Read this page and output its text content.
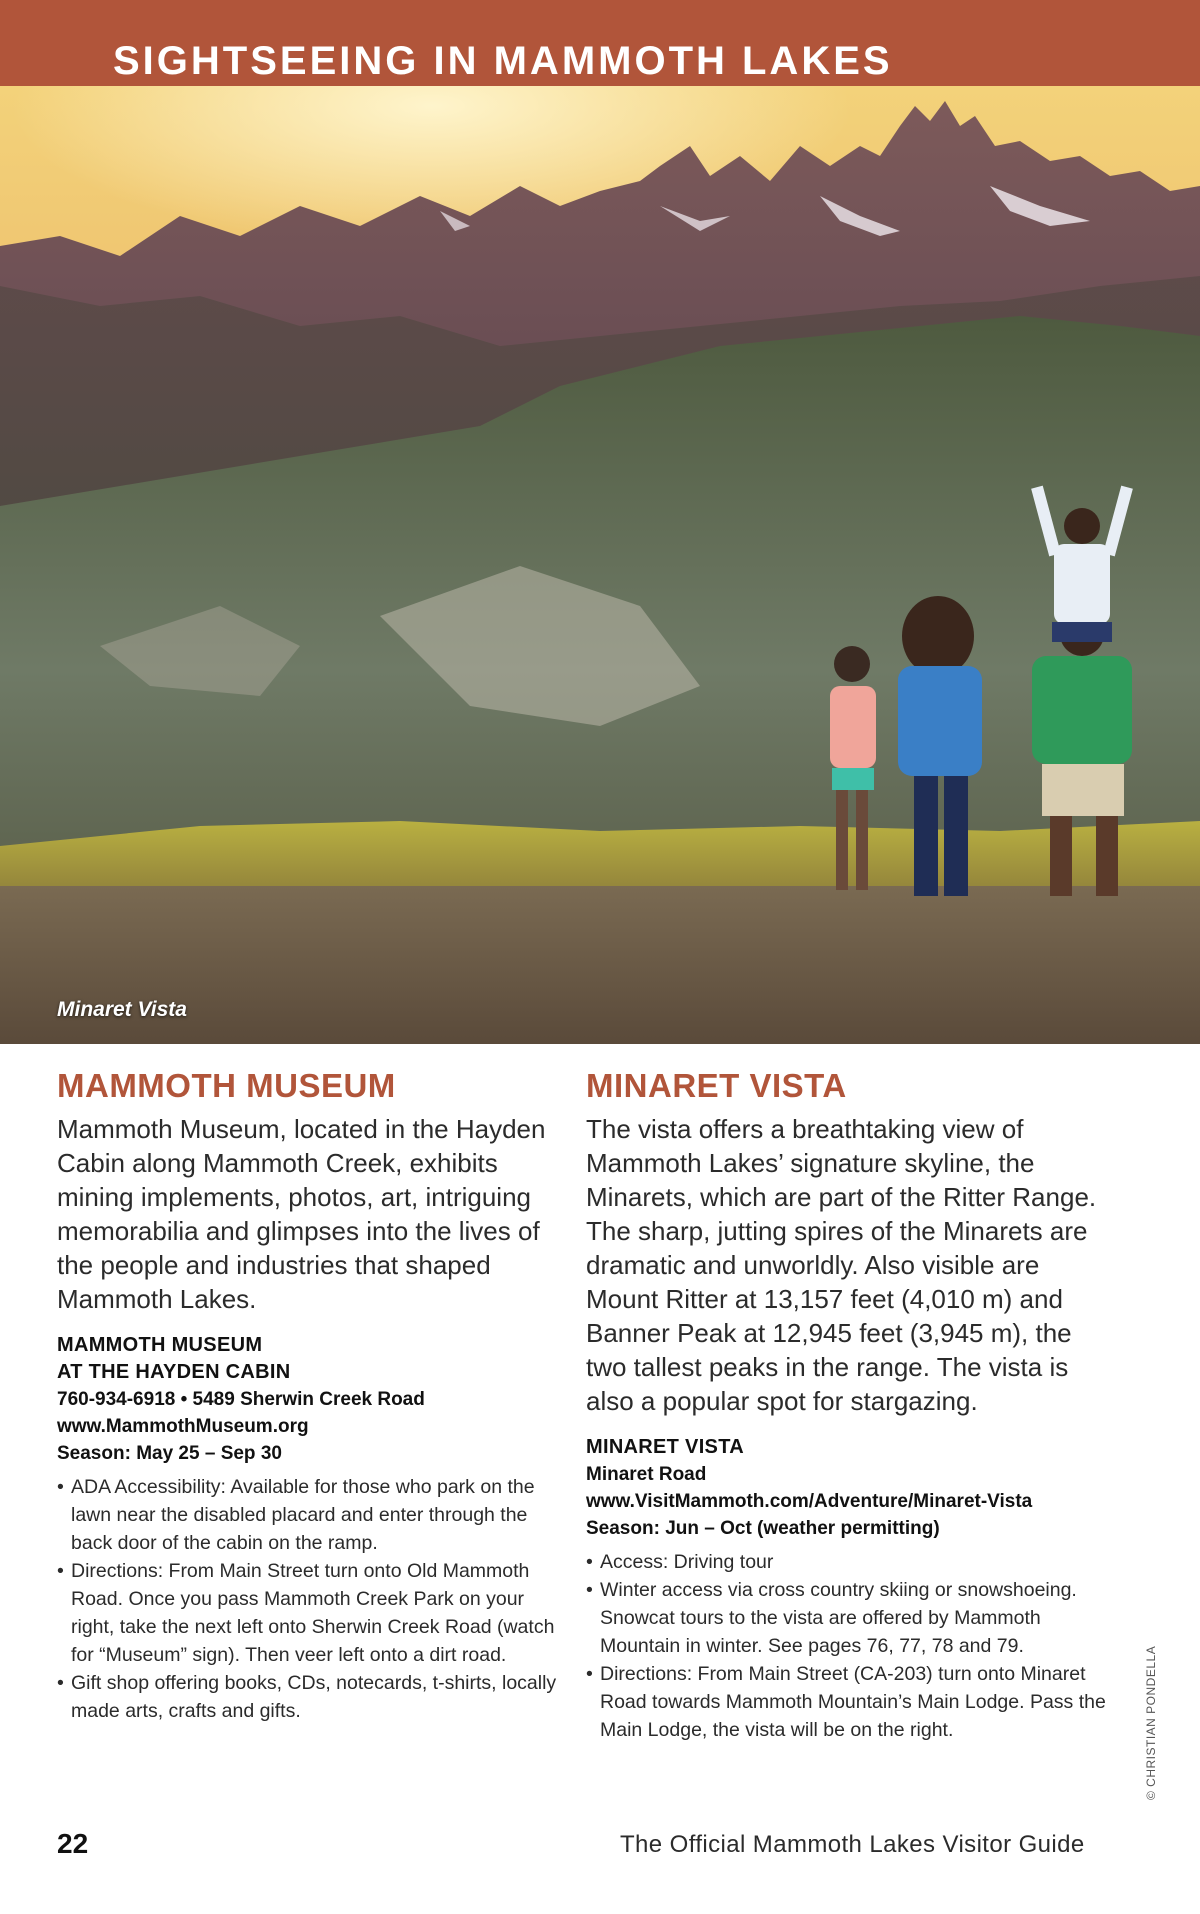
SIGHTSEEING IN MAMMOTH LAKES
Minaret Vista
MAMMOTH MUSEUM

Mammoth Museum, located in the Hayden Cabin along Mammoth Creek, exhibits mining implements, photos, art, intriguing memorabilia and glimpses into the lives of the people and industries that shaped Mammoth Lakes.

MAMMOTH MUSEUM
AT THE HAYDEN CABIN
760-934-6918 • 5489 Sherwin Creek Road
www.MammothMuseum.org
Season: May 25 – Sep 30
• ADA Accessibility: Available for those who park on the lawn near the disabled placard and enter through the back door of the cabin on the ramp.
• Directions: From Main Street turn onto Old Mammoth Road. Once you pass Mammoth Creek Park on your right, take the next left onto Sherwin Creek Road (watch for “Museum” sign). Then veer left onto a dirt road.
• Gift shop offering books, CDs, notecards, t-shirts, locally made arts, crafts and gifts.
MINARET VISTA

The vista offers a breathtaking view of Mammoth Lakes’ signature skyline, the Minarets, which are part of the Ritter Range. The sharp, jutting spires of the Minarets are dramatic and unworldly. Also visible are Mount Ritter at 13,157 feet (4,010 m) and Banner Peak at 12,945 feet (3,945 m), the two tallest peaks in the range. The vista is also a popular spot for stargazing.

MINARET VISTA
Minaret Road
www.VisitMammoth.com/Adventure/Minaret-Vista
Season: Jun – Oct (weather permitting)
• Access: Driving tour
• Winter access via cross country skiing or snowshoeing. Snowcat tours to the vista are offered by Mammoth Mountain in winter. See pages 76, 77, 78 and 79.
• Directions: From Main Street (CA-203) turn onto Minaret Road towards Mammoth Mountain’s Main Lodge. Pass the Main Lodge, the vista will be on the right.	© CHRISTIAN PONDELLA
22	The Official Mammoth Lakes Visitor Guide
